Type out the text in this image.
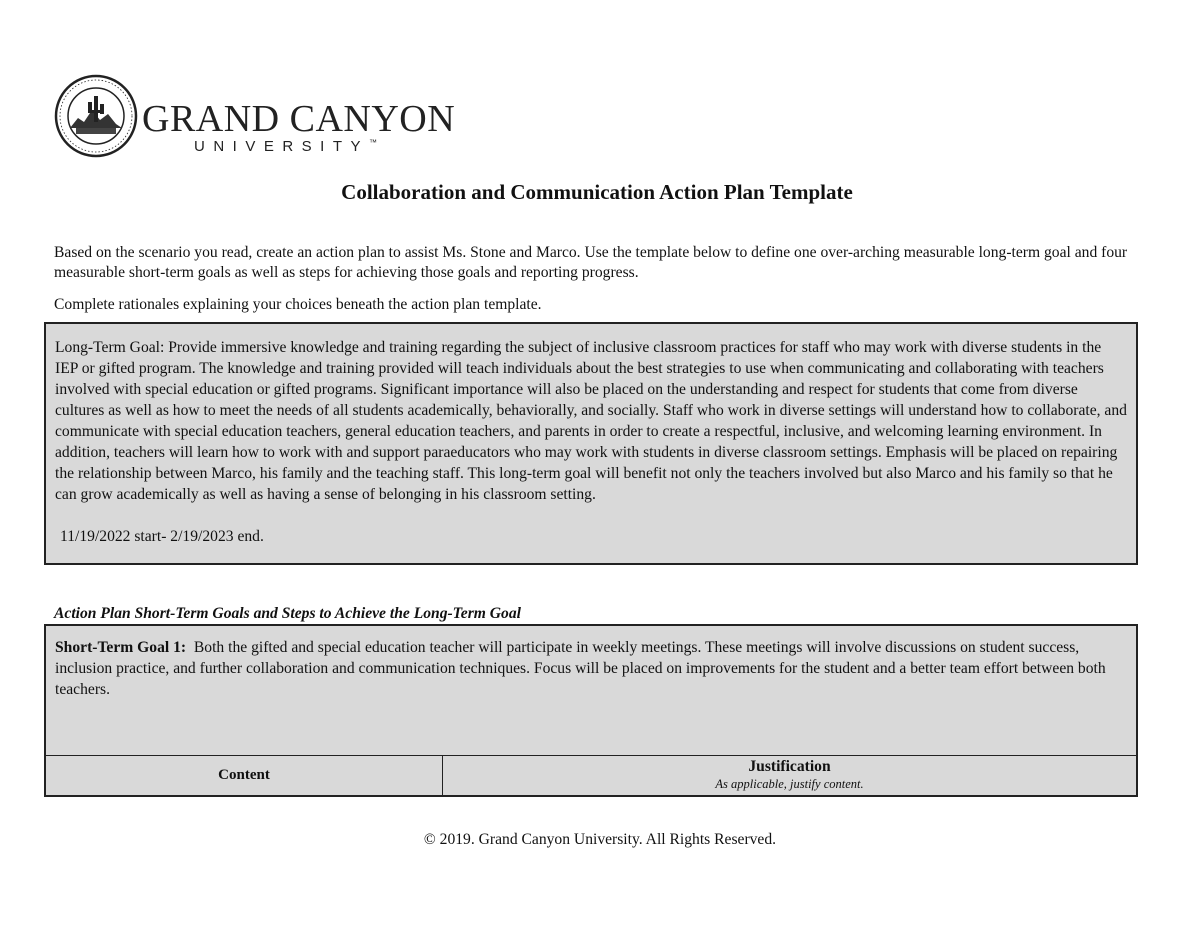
GRAND CANYON
UNIVERSITY™
Collaboration and Communication Action Plan Template

Based on the scenario you read, create an action plan to assist Ms. Stone and Marco. Use the template below to define one over-arching measurable long-term goal and four measurable short-term goals as well as steps for achieving those goals and reporting progress.

Complete rationales explaining your choices beneath the action plan template.

Long-Term Goal: Provide immersive knowledge and training regarding the subject of inclusive classroom practices for staff who may work with diverse students in the IEP or gifted program. The knowledge and training provided will teach individuals about the best strategies to use when communicating and collaborating with teachers involved with special education or gifted programs. Significant importance will also be placed on the understanding and respect for students that come from diverse cultures as well as how to meet the needs of all students academically, behaviorally, and socially. Staff who work in diverse settings will understand how to collaborate, and communicate with special education teachers, general education teachers, and parents in order to create a respectful, inclusive, and welcoming learning environment. In addition, teachers will learn how to work with and support paraeducators who may work with students in diverse classroom settings. Emphasis will be placed on repairing the relationship between Marco, his family and the teaching staff. This long-term goal will benefit not only the teachers involved but also Marco and his family so that he can grow academically as well as having a sense of belonging in his classroom setting.
11/19/2022 start- 2/19/2023 end.
Action Plan Short-Term Goals and Steps to Achieve the Long-Term Goal
Short-Term Goal 1: Both the gifted and special education teacher will participate in weekly meetings. These meetings will involve discussions on student success, inclusion practice, and further collaboration and communication techniques. Focus will be placed on improvements for the student and a better team effort between both teachers.
Content	Justification
As applicable, justify content.
© 2019. Grand Canyon University. All Rights Reserved.
